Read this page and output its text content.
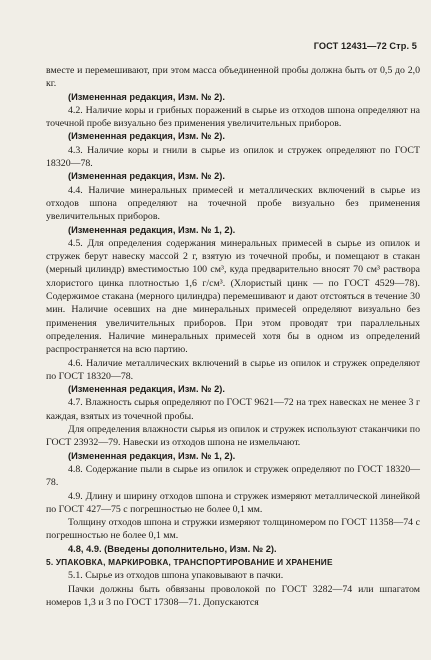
ГОСТ 12431—72 Стр. 5

вместе и перемешивают, при этом масса объединенной пробы должна быть от 0,5 до 2,0 кг.

(Измененная редакция, Изм. № 2).

4.2. Наличие коры и грибных поражений в сырье из отходов шпона определяют на точечной пробе визуально без применения увеличительных приборов.

(Измененная редакция, Изм. № 2).

4.3. Наличие коры и гнили в сырье из опилок и стружек определяют по ГОСТ 18320—78.

(Измененная редакция, Изм. № 2).

4.4. Наличие минеральных примесей и металлических включений в сырье из отходов шпона определяют на точечной пробе визуально без применения увеличительных приборов.

(Измененная редакция, Изм. № 1, 2).

4.5. Для определения содержания минеральных примесей в сырье из опилок и стружек берут навеску массой 2 г, взятую из точечной пробы, и помещают в стакан (мерный цилиндр) вместимостью 100 см³, куда предварительно вносят 70 см³ раствора хлористого цинка плотностью 1,6 г/см³. (Хлористый цинк — по ГОСТ 4529—78). Содержимое стакана (мерного цилиндра) перемешивают и дают отстояться в течение 30 мин. Наличие осевших на дне минеральных примесей определяют визуально без применения увеличительных приборов. При этом проводят три параллельных определения. Наличие минеральных примесей хотя бы в одном из определений распространяется на всю партию.

4.6. Наличие металлических включений в сырье из опилок и стружек определяют по ГОСТ 18320—78.

(Измененная редакция, Изм. № 2).

4.7. Влажность сырья определяют по ГОСТ 9621—72 на трех навесках не менее 3 г каждая, взятых из точечной пробы.

Для определения влажности сырья из опилок и стружек используют стаканчики по ГОСТ 23932—79. Навески из отходов шпона не измельчают.

(Измененная редакция, Изм. № 1, 2).

4.8. Содержание пыли в сырье из опилок и стружек определяют по ГОСТ 18320—78.

4.9. Длину и ширину отходов шпона и стружек измеряют металлической линейкой по ГОСТ 427—75 с погрешностью не более 0,1 мм.

Толщину отходов шпона и стружки измеряют толщиномером по ГОСТ 11358—74 с погрешностью не более 0,1 мм.

4.8, 4.9. (Введены дополнительно, Изм. № 2).

5. УПАКОВКА, МАРКИРОВКА, ТРАНСПОРТИРОВАНИЕ И ХРАНЕНИЕ

5.1. Сырье из отходов шпона упаковывают в пачки.

Пачки должны быть обвязаны проволокой по ГОСТ 3282—74 или шпагатом номеров 1,3 и 3 по ГОСТ 17308—71. Допускаются
